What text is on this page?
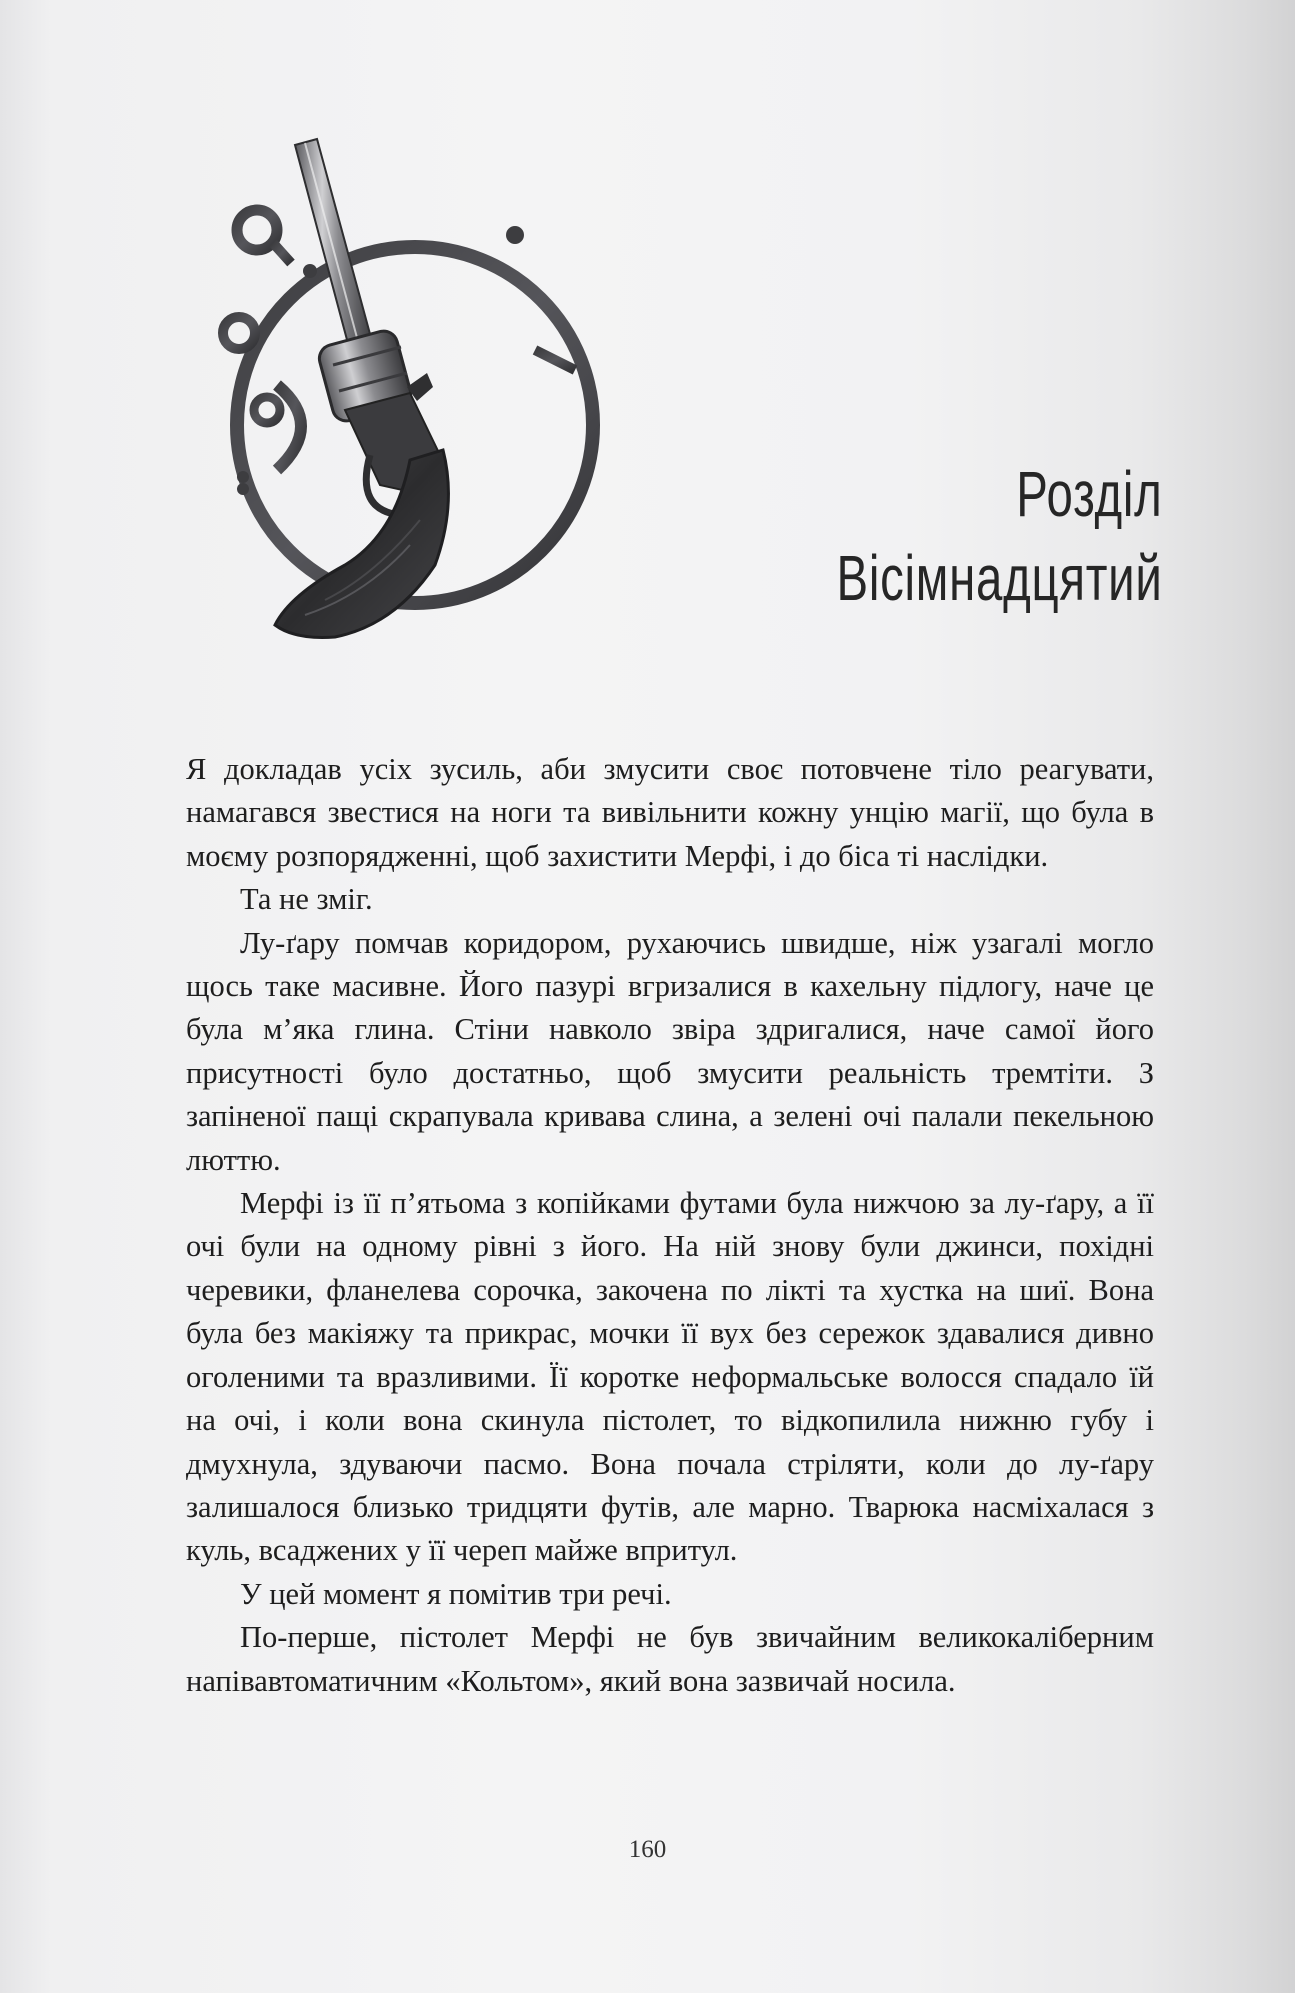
Розділ
Вісімнадцятий

Я докладав усіх зусиль, аби змусити своє потовчене тіло реагувати, намагався звестися на ноги та вивільнити кожну унцію магії, що була в моєму розпорядженні, щоб захистити Мерфі, і до біса ті наслідки.

Та не зміг.

Лу-ґару помчав коридором, рухаючись швидше, ніж узагалі могло щось таке масивне. Його пазурі вгризалися в кахельну підлогу, наче це була м’яка глина. Стіни навколо звіра здригалися, наче самої його присутності було достатньо, щоб змусити реальність тремтіти. З запіненої пащі скрапувала кривава слина, а зелені очі палали пекельною люттю.

Мерфі із її п’ятьома з копійками футами була нижчою за лу-ґару, а її очі були на одному рівні з його. На ній знову були джинси, похідні черевики, фланелева сорочка, закочена по лікті та хустка на шиї. Вона була без макіяжу та прикрас, мочки її вух без сережок здавалися дивно оголеними та вразливими. Її коротке неформальське волосся спадало їй на очі, і коли вона скинула пістолет, то відкопилила нижню губу і дмухнула, здуваючи пасмо. Вона почала стріляти, коли до лу-ґару залишалося близько тридцяти футів, але марно. Тварюка насміхалася з куль, всаджених у її череп майже впритул.

У цей момент я помітив три речі.

По-перше, пістолет Мерфі не був звичайним великокаліберним напівавтоматичним «Кольтом», який вона зазвичай носила.

160
